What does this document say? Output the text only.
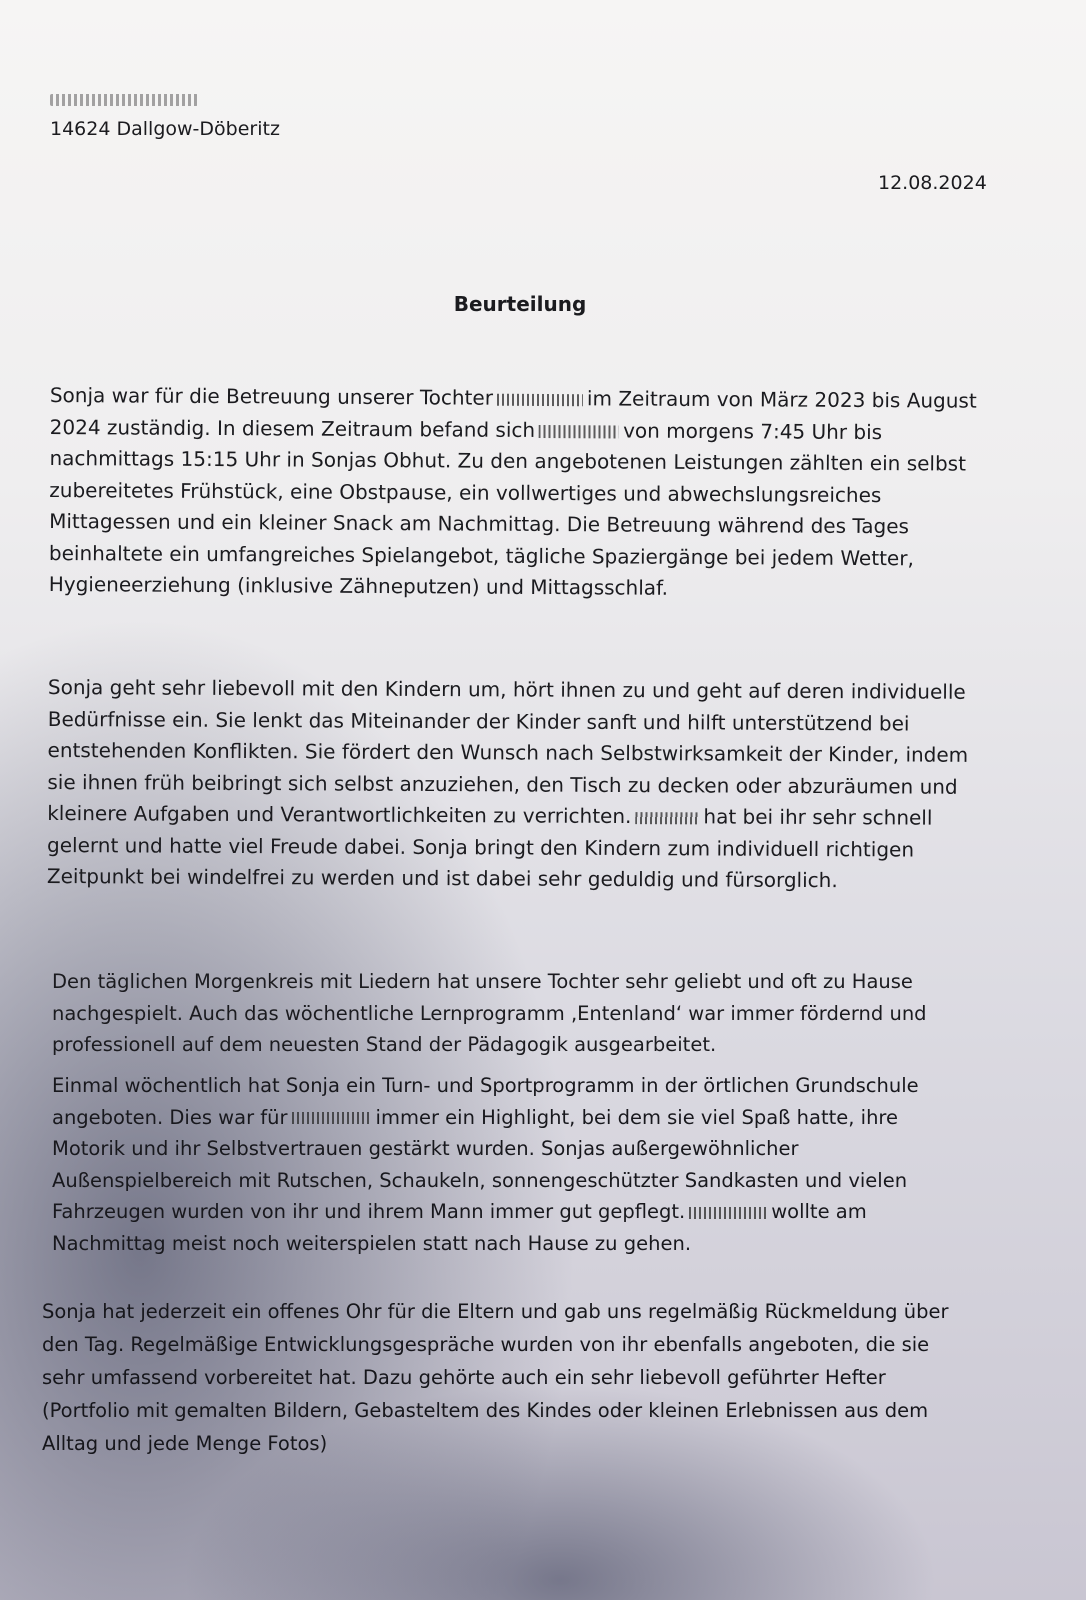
14624 Dallgow-Döberitz
12.08.2024
Beurteilung
Sonja war für die Betreuung unserer Tochter	im Zeitraum von März 2023 bis August
2024 zuständig. In diesem Zeitraum befand sich	von morgens 7:45 Uhr bis
nachmittags 15:15 Uhr in Sonjas Obhut. Zu den angebotenen Leistungen zählten ein selbst
zubereitetes Frühstück, eine Obstpause, ein vollwertiges und abwechslungsreiches
Mittagessen und ein kleiner Snack am Nachmittag. Die Betreuung während des Tages
beinhaltete ein umfangreiches Spielangebot, tägliche Spaziergänge bei jedem Wetter,
Hygieneerziehung (inklusive Zähneputzen) und Mittagsschlaf.
Sonja geht sehr liebevoll mit den Kindern um, hört ihnen zu und geht auf deren individuelle
Bedürfnisse ein. Sie lenkt das Miteinander der Kinder sanft und hilft unterstützend bei
entstehenden Konflikten. Sie fördert den Wunsch nach Selbstwirksamkeit der Kinder, indem
sie ihnen früh beibringt sich selbst anzuziehen, den Tisch zu decken oder abzuräumen und
kleinere Aufgaben und Verantwortlichkeiten zu verrichten.	hat bei ihr sehr schnell
gelernt und hatte viel Freude dabei. Sonja bringt den Kindern zum individuell richtigen
Zeitpunkt bei windelfrei zu werden und ist dabei sehr geduldig und fürsorglich.
Den täglichen Morgenkreis mit Liedern hat unsere Tochter sehr geliebt und oft zu Hause
nachgespielt. Auch das wöchentliche Lernprogramm ‚Entenland‘ war immer fördernd und
professionell auf dem neuesten Stand der Pädagogik ausgearbeitet.
Einmal wöchentlich hat Sonja ein Turn- und Sportprogramm in der örtlichen Grundschule
angeboten. Dies war für	immer ein Highlight, bei dem sie viel Spaß hatte, ihre
Motorik und ihr Selbstvertrauen gestärkt wurden. Sonjas außergewöhnlicher
Außenspielbereich mit Rutschen, Schaukeln, sonnengeschützter Sandkasten und vielen
Fahrzeugen wurden von ihr und ihrem Mann immer gut gepflegt.	wollte am
Nachmittag meist noch weiterspielen statt nach Hause zu gehen.
Sonja hat jederzeit ein offenes Ohr für die Eltern und gab uns regelmäßig Rückmeldung über
den Tag. Regelmäßige Entwicklungsgespräche wurden von ihr ebenfalls angeboten, die sie
sehr umfassend vorbereitet hat. Dazu gehörte auch ein sehr liebevoll geführter Hefter
(Portfolio mit gemalten Bildern, Gebasteltem des Kindes oder kleinen Erlebnissen aus dem
Alltag und jede Menge Fotos)
